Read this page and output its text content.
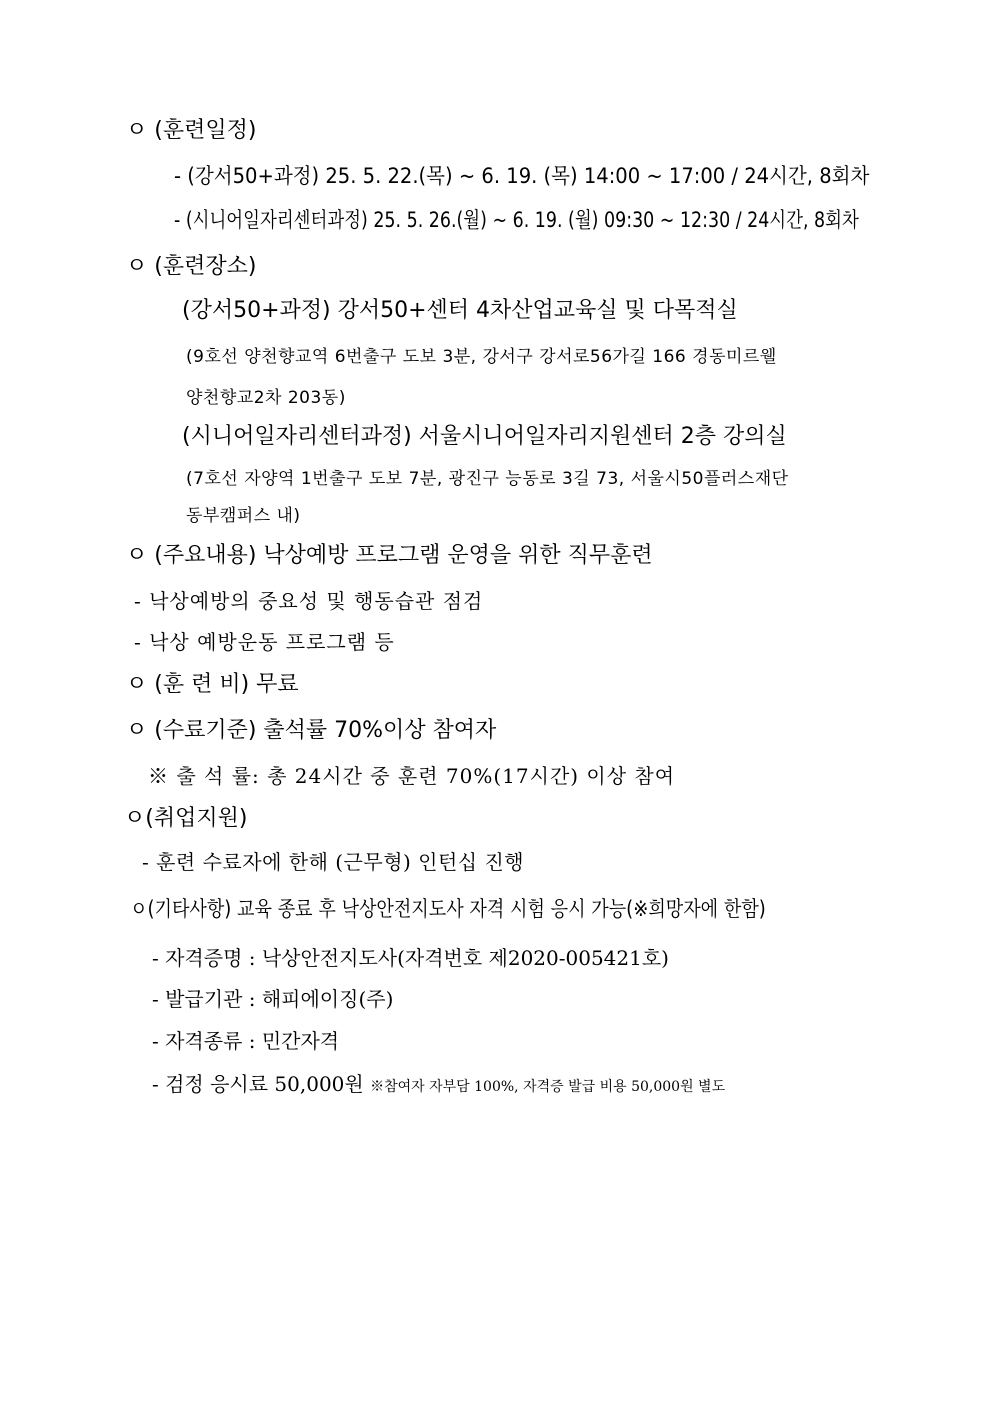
ㅇ (훈련일정)
- (강서50+과정) 25. 5. 22.(목) ~ 6. 19. (목) 14:00 ~ 17:00 / 24시간, 8회차
- (시니어일자리센터과정) 25. 5. 26.(월) ~ 6. 19. (월) 09:30 ~ 12:30 / 24시간, 8회차
ㅇ (훈련장소)
(강서50+과정) 강서50+센터 4차산업교육실 및 다목적실
(9호선 양천향교역 6번출구 도보 3분, 강서구 강서로56가길 166 경동미르웰
양천향교2차 203동)
(시니어일자리센터과정) 서울시니어일자리지원센터 2층 강의실
(7호선 자양역 1번출구 도보 7분, 광진구 능동로 3길 73, 서울시50플러스재단
동부캠퍼스 내)
ㅇ (주요내용) 낙상예방 프로그램 운영을 위한 직무훈련
- 낙상예방의 중요성 및 행동습관 점검
- 낙상 예방운동 프로그램 등
ㅇ (훈 련 비) 무료
ㅇ (수료기준) 출석률 70%이상 참여자
※ 출 석 률: 총 24시간 중 훈련 70%(17시간) 이상 참여
ㅇ(취업지원)
- 훈련 수료자에 한해 (근무형) 인턴십 진행
ㅇ(기타사항) 교육 종료 후 낙상안전지도사 자격 시험 응시 가능(※희망자에 한함)
- 자격증명 : 낙상안전지도사(자격번호 제2020-005421호)
- 발급기관 : 해피에이징(주)
- 자격종류 : 민간자격
- 검정 응시료 50,000원 ※참여자 자부담 100%, 자격증 발급 비용 50,000원 별도
